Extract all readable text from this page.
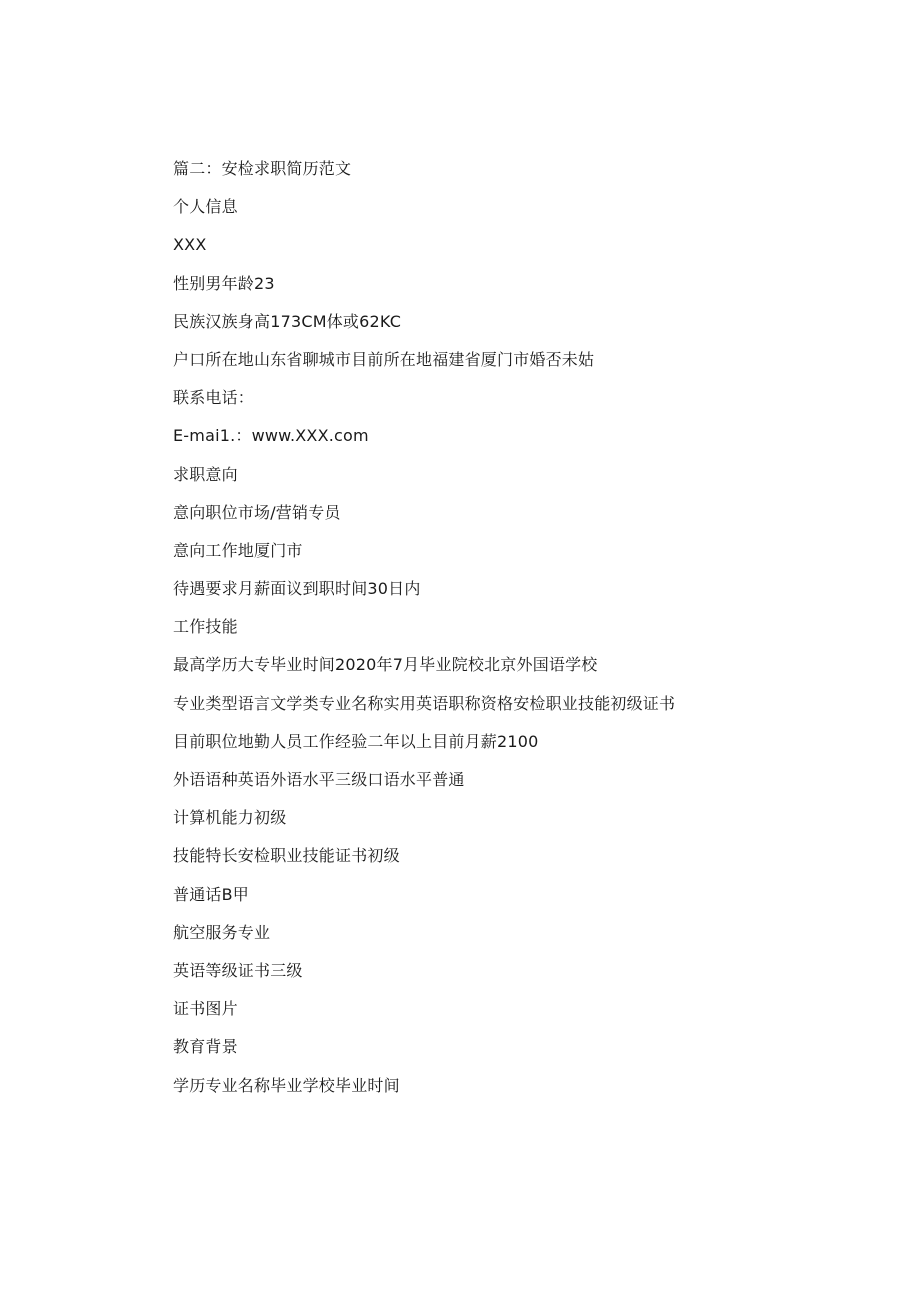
篇二：安检求职简历范文
个人信息
XXX
性别男年龄23
民族汉族身高173CM体或62KC
户口所在地山东省聊城市目前所在地福建省厦门市婚否未姑
联系电话：
E-mai1.：www.XXX.com
求职意向
意向职位市场/营销专员
意向工作地厦门市
待遇要求月薪面议到职时间30日内
工作技能
最高学历大专毕业时间2020年7月毕业院校北京外国语学校
专业类型语言文学类专业名称实用英语职称资格安检职业技能初级证书
目前职位地勤人员工作经验二年以上目前月薪2100
外语语种英语外语水平三级口语水平普通
计算机能力初级
技能特长安检职业技能证书初级
普通话B甲
航空服务专业
英语等级证书三级
证书图片
教育背景
学历专业名称毕业学校毕业时间
